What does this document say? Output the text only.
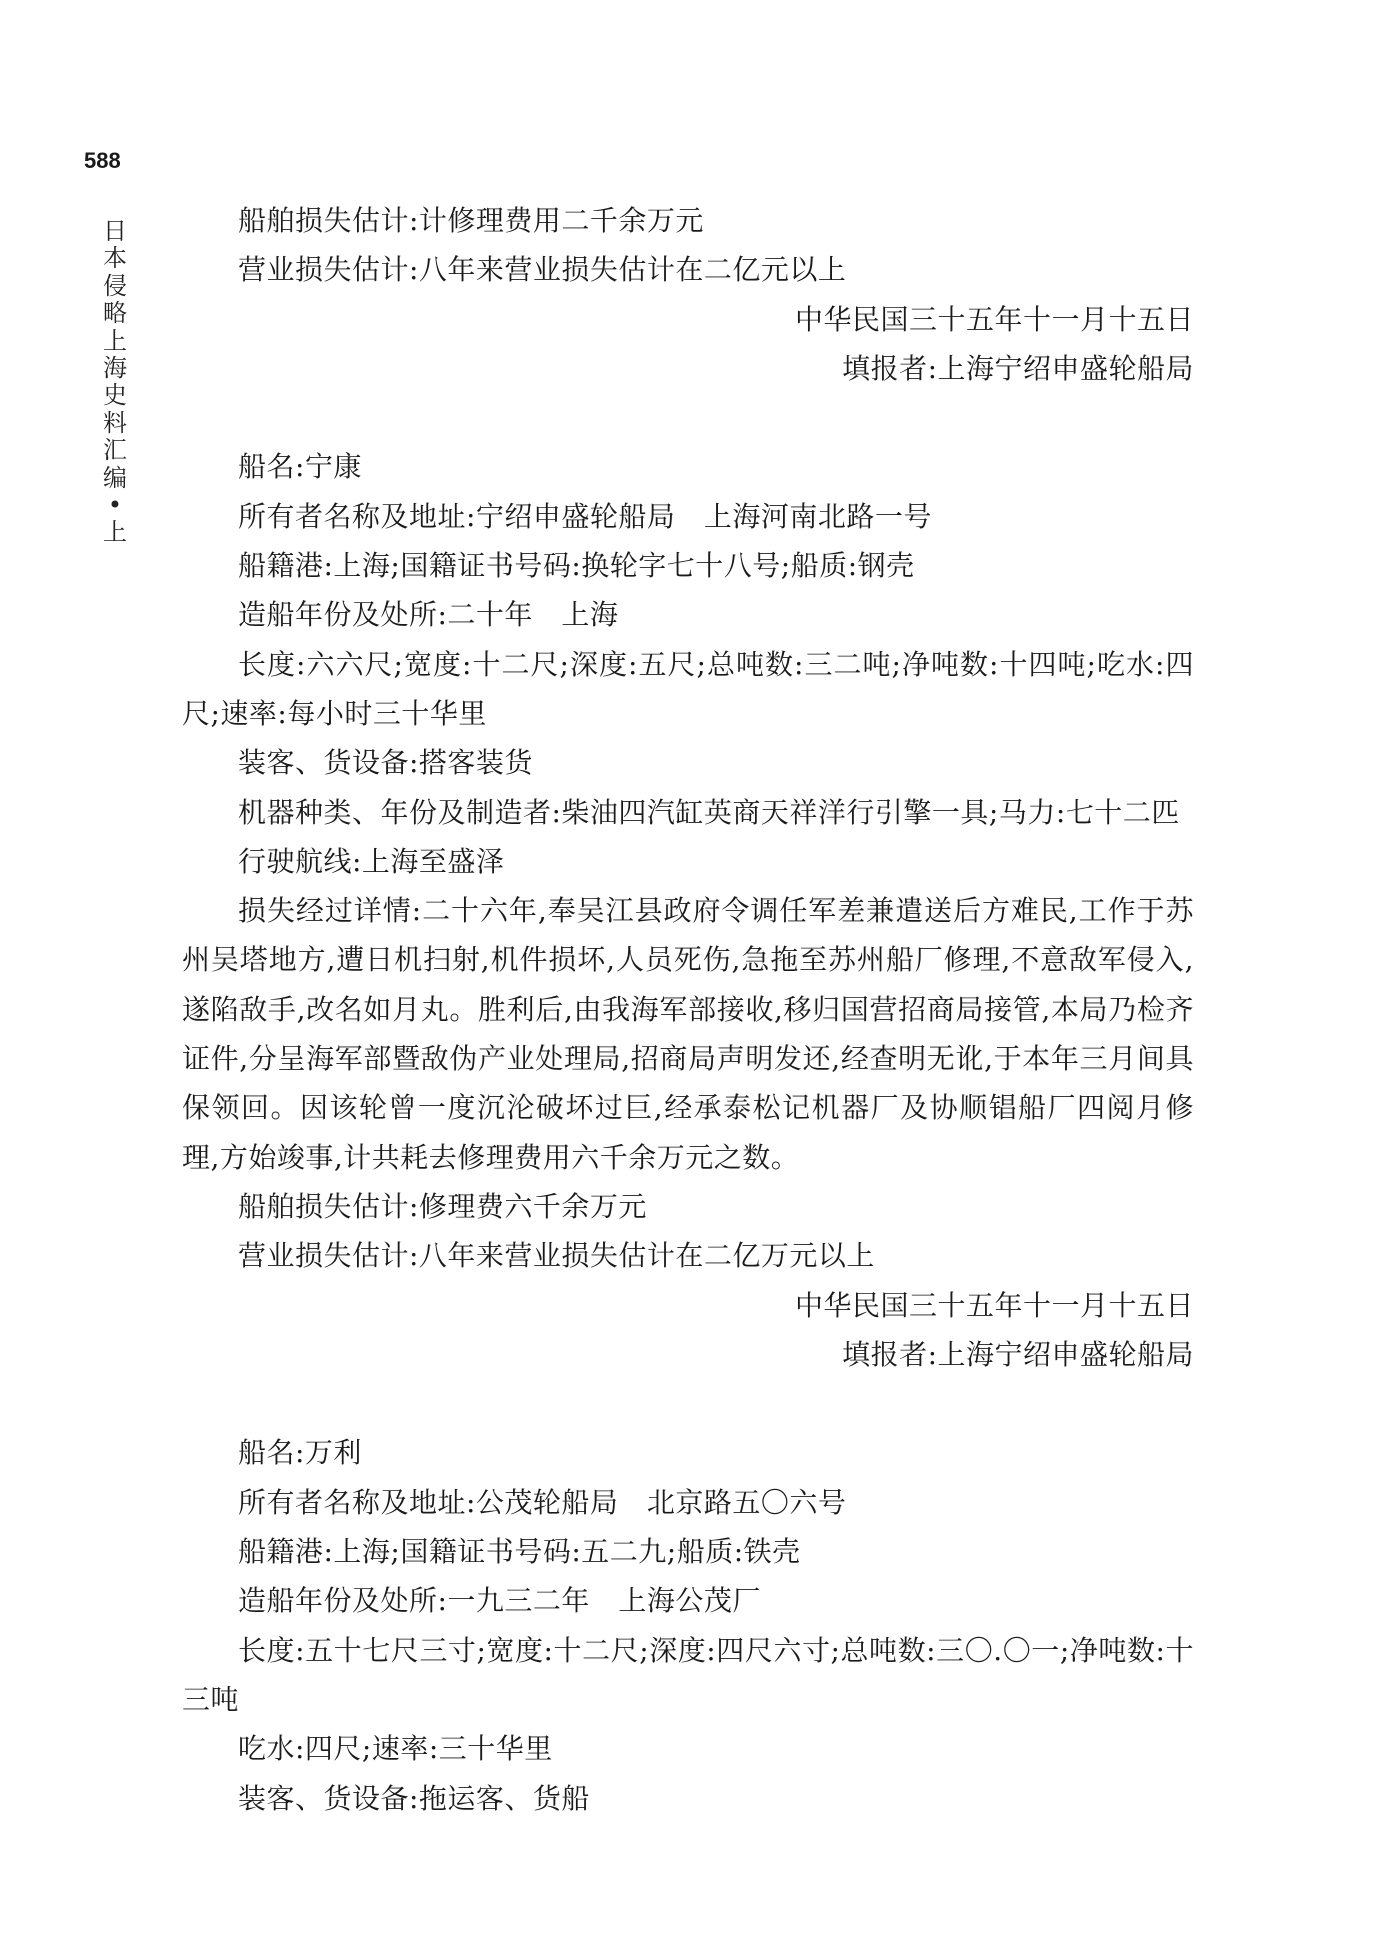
588
日本侵略上海史料汇编•上

船舶损失估计:计修理费用二千余万元

营业损失估计:八年来营业损失估计在二亿元以上

中华民国三十五年十一月十五日

填报者:上海宁绍申盛轮船局

船名:宁康

所有者名称及地址:宁绍申盛轮船局　上海河南北路一号

船籍港:上海;国籍证书号码:换轮字七十八号;船质:钢壳

造船年份及处所:二十年　上海

长度:六六尺;宽度:十二尺;深度:五尺;总吨数:三二吨;净吨数:十四吨;吃水:四尺;速率:每小时三十华里

装客、货设备:搭客装货

机器种类、年份及制造者:柴油四汽缸英商天祥洋行引擎一具;马力:七十二匹

行驶航线:上海至盛泽

损失经过详情:二十六年,奉吴江县政府令调任军差兼遣送后方难民,工作于苏州吴塔地方,遭日机扫射,机件损坏,人员死伤,急拖至苏州船厂修理,不意敌军侵入,遂陷敌手,改名如月丸。胜利后,由我海军部接收,移归国营招商局接管,本局乃检齐证件,分呈海军部暨敌伪产业处理局,招商局声明发还,经查明无讹,于本年三月间具保领回。因该轮曾一度沉沦破坏过巨,经承泰松记机器厂及协顺锠船厂四阅月修理,方始竣事,计共耗去修理费用六千余万元之数。

船舶损失估计:修理费六千余万元

营业损失估计:八年来营业损失估计在二亿万元以上

中华民国三十五年十一月十五日

填报者:上海宁绍申盛轮船局

船名:万利

所有者名称及地址:公茂轮船局　北京路五〇六号

船籍港:上海;国籍证书号码:五二九;船质:铁壳

造船年份及处所:一九三二年　上海公茂厂

长度:五十七尺三寸;宽度:十二尺;深度:四尺六寸;总吨数:三〇.〇一;净吨数:十三吨

吃水:四尺;速率:三十华里

装客、货设备:拖运客、货船
